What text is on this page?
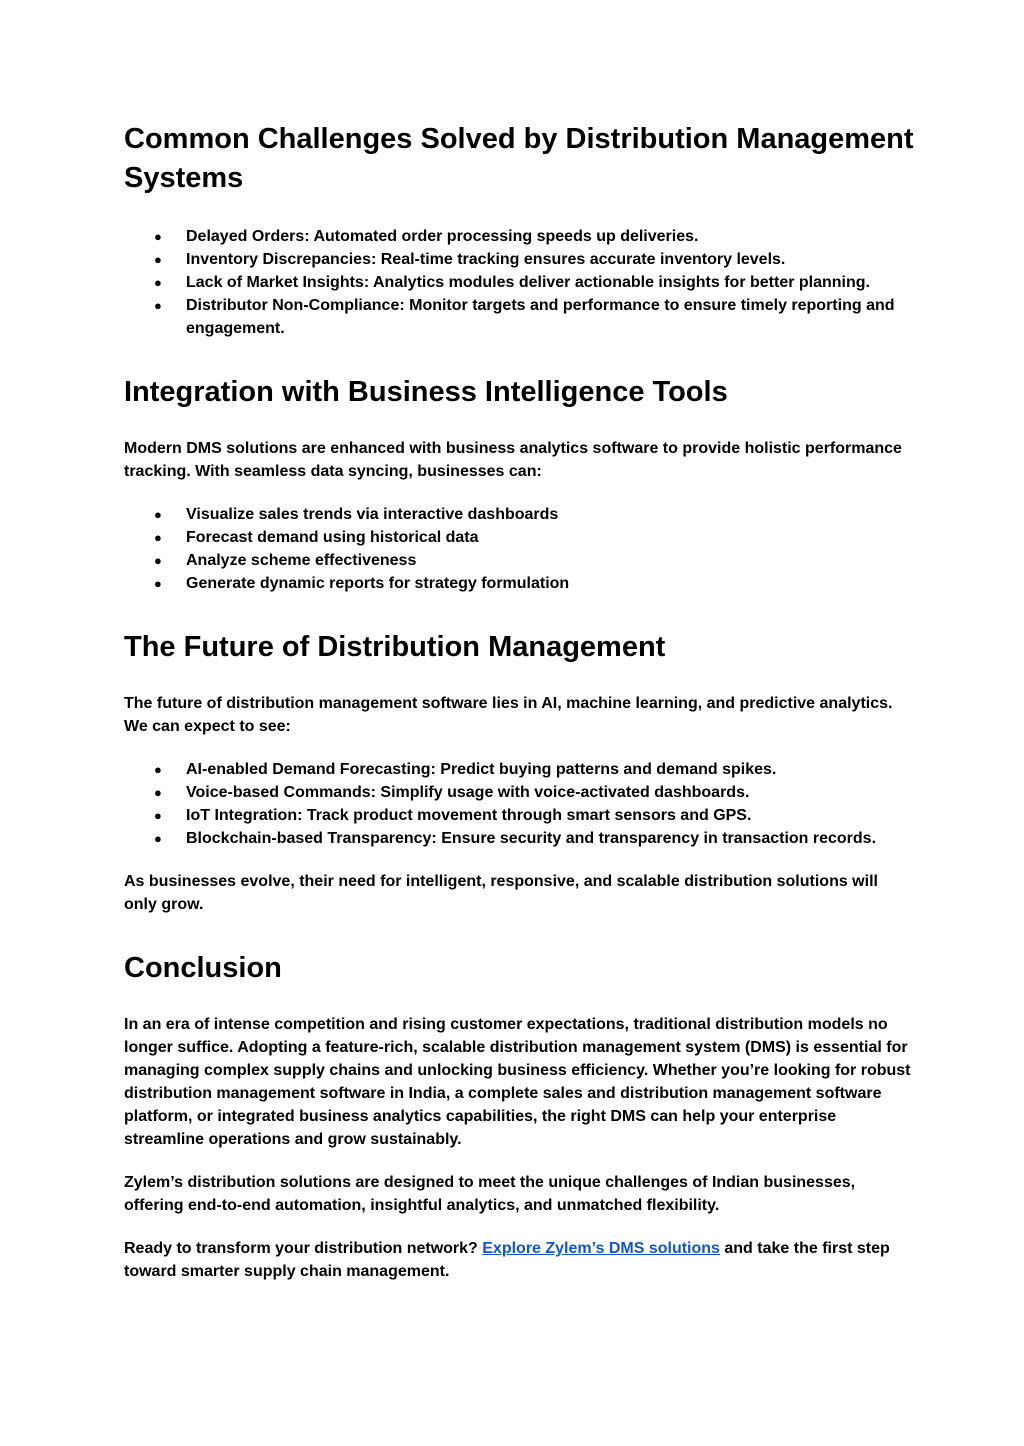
Common Challenges Solved by Distribution Management Systems
● Delayed Orders: Automated order processing speeds up deliveries.
● Inventory Discrepancies: Real-time tracking ensures accurate inventory levels.
● Lack of Market Insights: Analytics modules deliver actionable insights for better planning.
● Distributor Non-Compliance: Monitor targets and performance to ensure timely reporting and engagement.
Integration with Business Intelligence Tools

Modern DMS solutions are enhanced with business analytics software to provide holistic performance tracking. With seamless data syncing, businesses can:

● Visualize sales trends via interactive dashboards
● Forecast demand using historical data
● Analyze scheme effectiveness
● Generate dynamic reports for strategy formulation
The Future of Distribution Management

The future of distribution management software lies in AI, machine learning, and predictive analytics. We can expect to see:

● AI-enabled Demand Forecasting: Predict buying patterns and demand spikes.
● Voice-based Commands: Simplify usage with voice-activated dashboards.
● IoT Integration: Track product movement through smart sensors and GPS.
● Blockchain-based Transparency: Ensure security and transparency in transaction records.

As businesses evolve, their need for intelligent, responsive, and scalable distribution solutions will only grow.

Conclusion

In an era of intense competition and rising customer expectations, traditional distribution models no longer suffice. Adopting a feature-rich, scalable distribution management system (DMS) is essential for managing complex supply chains and unlocking business efficiency. Whether you’re looking for robust distribution management software in India, a complete sales and distribution management software platform, or integrated business analytics capabilities, the right DMS can help your enterprise streamline operations and grow sustainably.

Zylem’s distribution solutions are designed to meet the unique challenges of Indian businesses, offering end-to-end automation, insightful analytics, and unmatched flexibility.

Ready to transform your distribution network? Explore Zylem’s DMS solutions and take the first step toward smarter supply chain management.
